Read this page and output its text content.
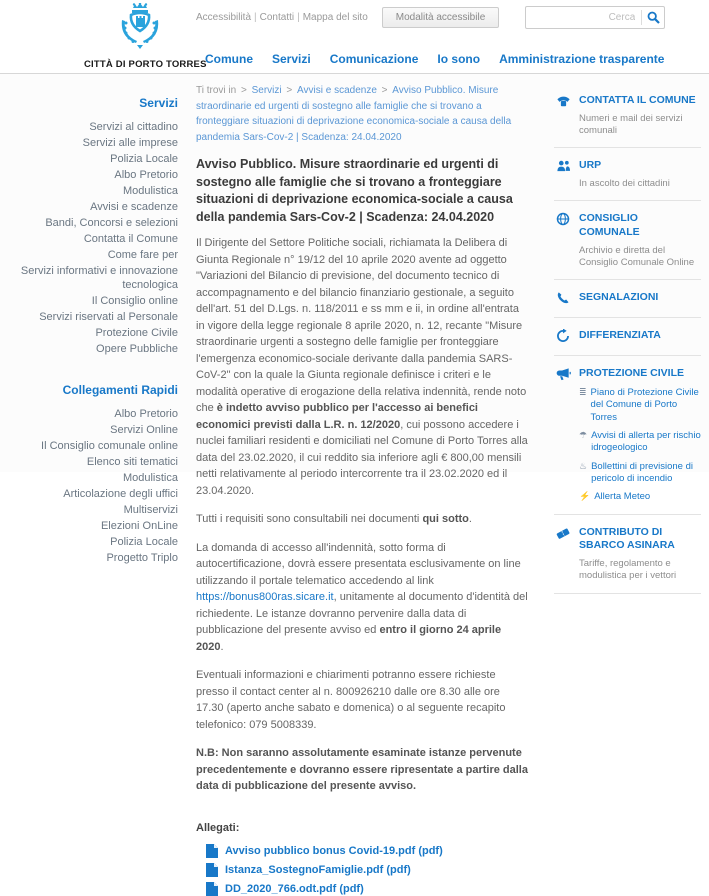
CITTÀ DI PORTO TORRES
Accessibilità | Contatti | Mappa del sito	Modalità accessibile
Cerca
Comune Servizi Comunicazione Io sono Amministrazione trasparente
Servizi
Servizi al cittadino
Servizi alle imprese
Polizia Locale
Albo Pretorio
Modulistica
Avvisi e scadenze
Bandi, Concorsi e selezioni
Contatta il Comune
Come fare per
Servizi informativi e innovazione tecnologica
Il Consiglio online
Servizi riservati al Personale
Protezione Civile
Opere Pubbliche
Collegamenti Rapidi
Albo Pretorio
Servizi Online
Il Consiglio comunale online
Elenco siti tematici
Modulistica
Articolazione degli uffici
Multiservizi
Elezioni OnLine
Polizia Locale
Progetto Triplo
Ti trovi in > Servizi > Avvisi e scadenze > Avviso Pubblico. Misure straordinarie ed urgenti di sostegno alle famiglie che si trovano a fronteggiare situazioni di deprivazione economica-sociale a causa della pandemia Sars-Cov-2 | Scadenza: 24.04.2020
Avviso Pubblico. Misure straordinarie ed urgenti di sostegno alle famiglie che si trovano a fronteggiare situazioni di deprivazione economica-sociale a causa della pandemia Sars-Cov-2 | Scadenza: 24.04.2020

Il Dirigente del Settore Politiche sociali, richiamata la Delibera di Giunta Regionale n° 19/12 del 10 aprile 2020 avente ad oggetto "Variazioni del Bilancio di previsione, del documento tecnico di accompagnamento e del bilancio finanziario gestionale, a seguito dell'art. 51 del D.Lgs. n. 118/2011 e ss mm e ii, in ordine all'entrata in vigore della legge regionale 8 aprile 2020, n. 12, recante "Misure straordinarie urgenti a sostegno delle famiglie per fronteggiare l'emergenza economico-sociale derivante dalla pandemia SARS-CoV-2" con la quale la Giunta regionale definisce i criteri e le modalità operative di erogazione della relativa indennità, rende noto che è indetto avviso pubblico per l'accesso ai benefici economici previsti dalla L.R. n. 12/2020, cui possono accedere i nuclei familiari residenti e domiciliati nel Comune di Porto Torres alla data del 23.02.2020, il cui reddito sia inferiore agli € 800,00 mensili netti relativamente al periodo intercorrente tra il 23.02.2020 ed il 23.04.2020.

Tutti i requisiti sono consultabili nei documenti qui sotto.

La domanda di accesso all'indennità, sotto forma di autocertificazione, dovrà essere presentata esclusivamente on line utilizzando il portale telematico accedendo al link https://bonus800ras.sicare.it, unitamente al documento d'identità del richiedente. Le istanze dovranno pervenire dalla data di pubblicazione del presente avviso ed entro il giorno 24 aprile 2020.

Eventuali informazioni e chiarimenti potranno essere richieste presso il contact center al n. 800926210 dalle ore 8.30 alle ore 17.30 (aperto anche sabato e domenica) o al seguente recapito telefonico: 079 5008339.

N.B: Non saranno assolutamente esaminate istanze pervenute precedentemente e dovranno essere ripresentate a partire dalla data di pubblicazione del presente avviso.

Allegati:
Avviso pubblico bonus Covid-19.pdf (pdf)
Istanza_SostegnoFamiglie.pdf (pdf)
DD_2020_766.odt.pdf (pdf)
CONTATTA IL COMUNE
Numeri e mail dei servizi comunali
URP
In ascolto dei cittadini
CONSIGLIO COMUNALE
Archivio e diretta del Consiglio Comunale Online
SEGNALAZIONI
DIFFERENZIATA
PROTEZIONE CIVILE
≣ Piano di Protezione Civile del Comune di Porto Torres
☂ Avvisi di allerta per rischio idrogeologico
♨ Bollettini di previsione di pericolo di incendio
⚡ Allerta Meteo
CONTRIBUTO DI SBARCO ASINARA
Tariffe, regolamento e modulistica per i vettori
